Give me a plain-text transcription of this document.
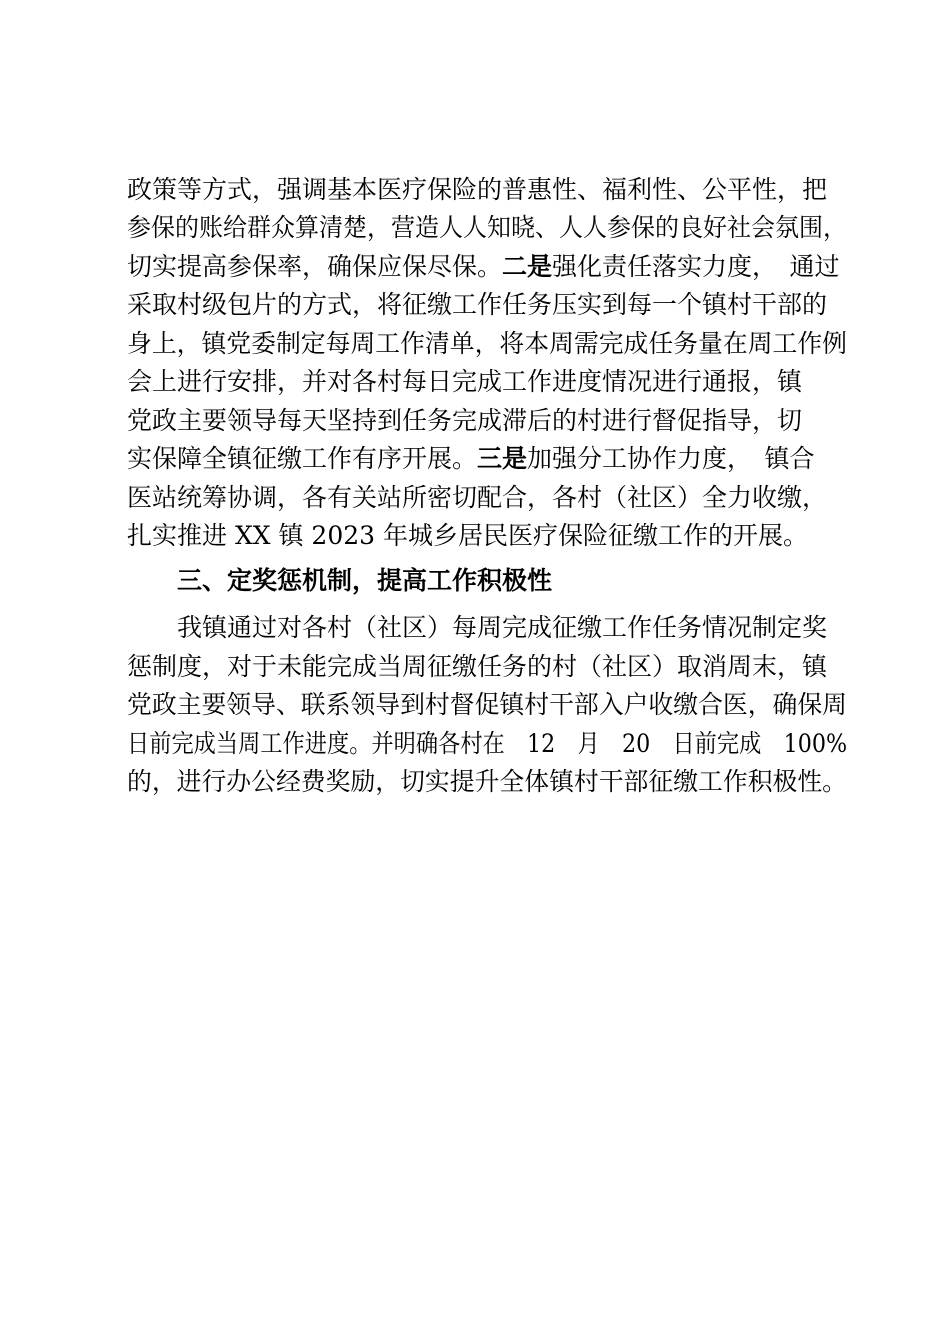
政策等方式，强调基本医疗保险的普惠性、福利性、公平性，把
参保的账给群众算清楚，营造人人知晓、人人参保的良好社会氛围，
切实提高参保率，确保应保尽保。二是强化责任落实力度，　通过
采取村级包片的方式，将征缴工作任务压实到每一个镇村干部的
身上，镇党委制定每周工作清单，将本周需完成任务量在周工作例
会上进行安排，并对各村每日完成工作进度情况进行通报，镇
党政主要领导每天坚持到任务完成滞后的村进行督促指导，切
实保障全镇征缴工作有序开展。三是加强分工协作力度，　镇合
医站统筹协调，各有关站所密切配合，各村（社区）全力收缴，
扎实推进 XX 镇 2023 年城乡居民医疗保险征缴工作的开展。
三、定奖惩机制，提高工作积极性
我镇通过对各村（社区）每周完成征缴工作任务情况制定奖
惩制度，对于未能完成当周征缴任务的村（社区）取消周末，镇
党政主要领导、联系领导到村督促镇村干部入户收缴合医，确保周
日前完成当周工作进度。并明确各村在　12　月　20　日前完成　100%
的，进行办公经费奖励，切实提升全体镇村干部征缴工作积极性。
